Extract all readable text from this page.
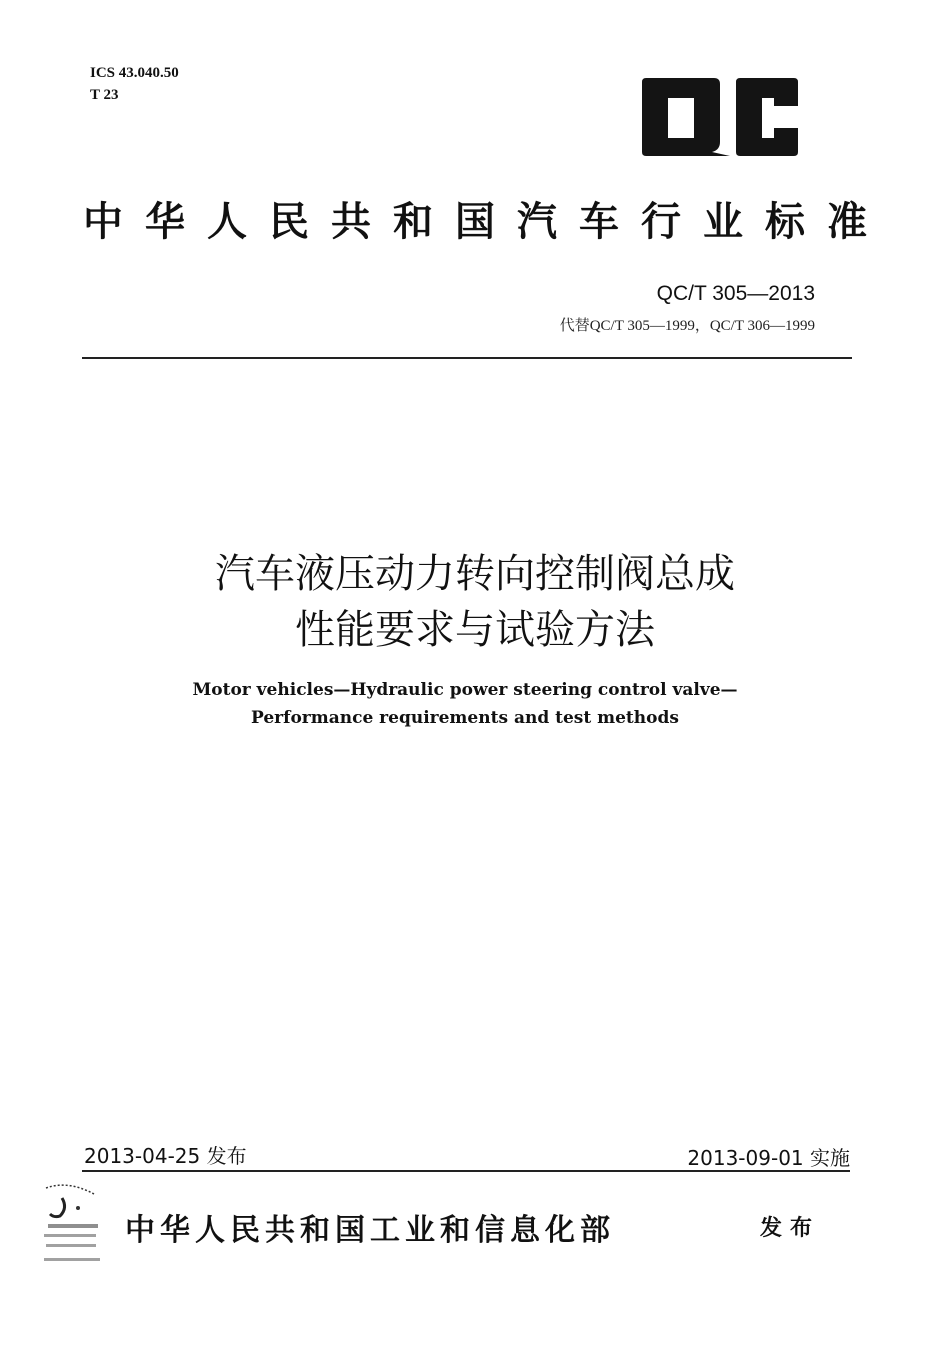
ICS 43.040.50
T 23
中华人民共和国汽车行业标准
QC/T 305—2013
代替QC/T 305—1999，QC/T 306—1999
汽车液压动力转向控制阀总成
性能要求与试验方法
Motor vehicles—Hydraulic power steering control valve—
Performance requirements and test methods
2013-04-25 发布	2013-09-01 实施
中华人民共和国工业和信息化部	发布
